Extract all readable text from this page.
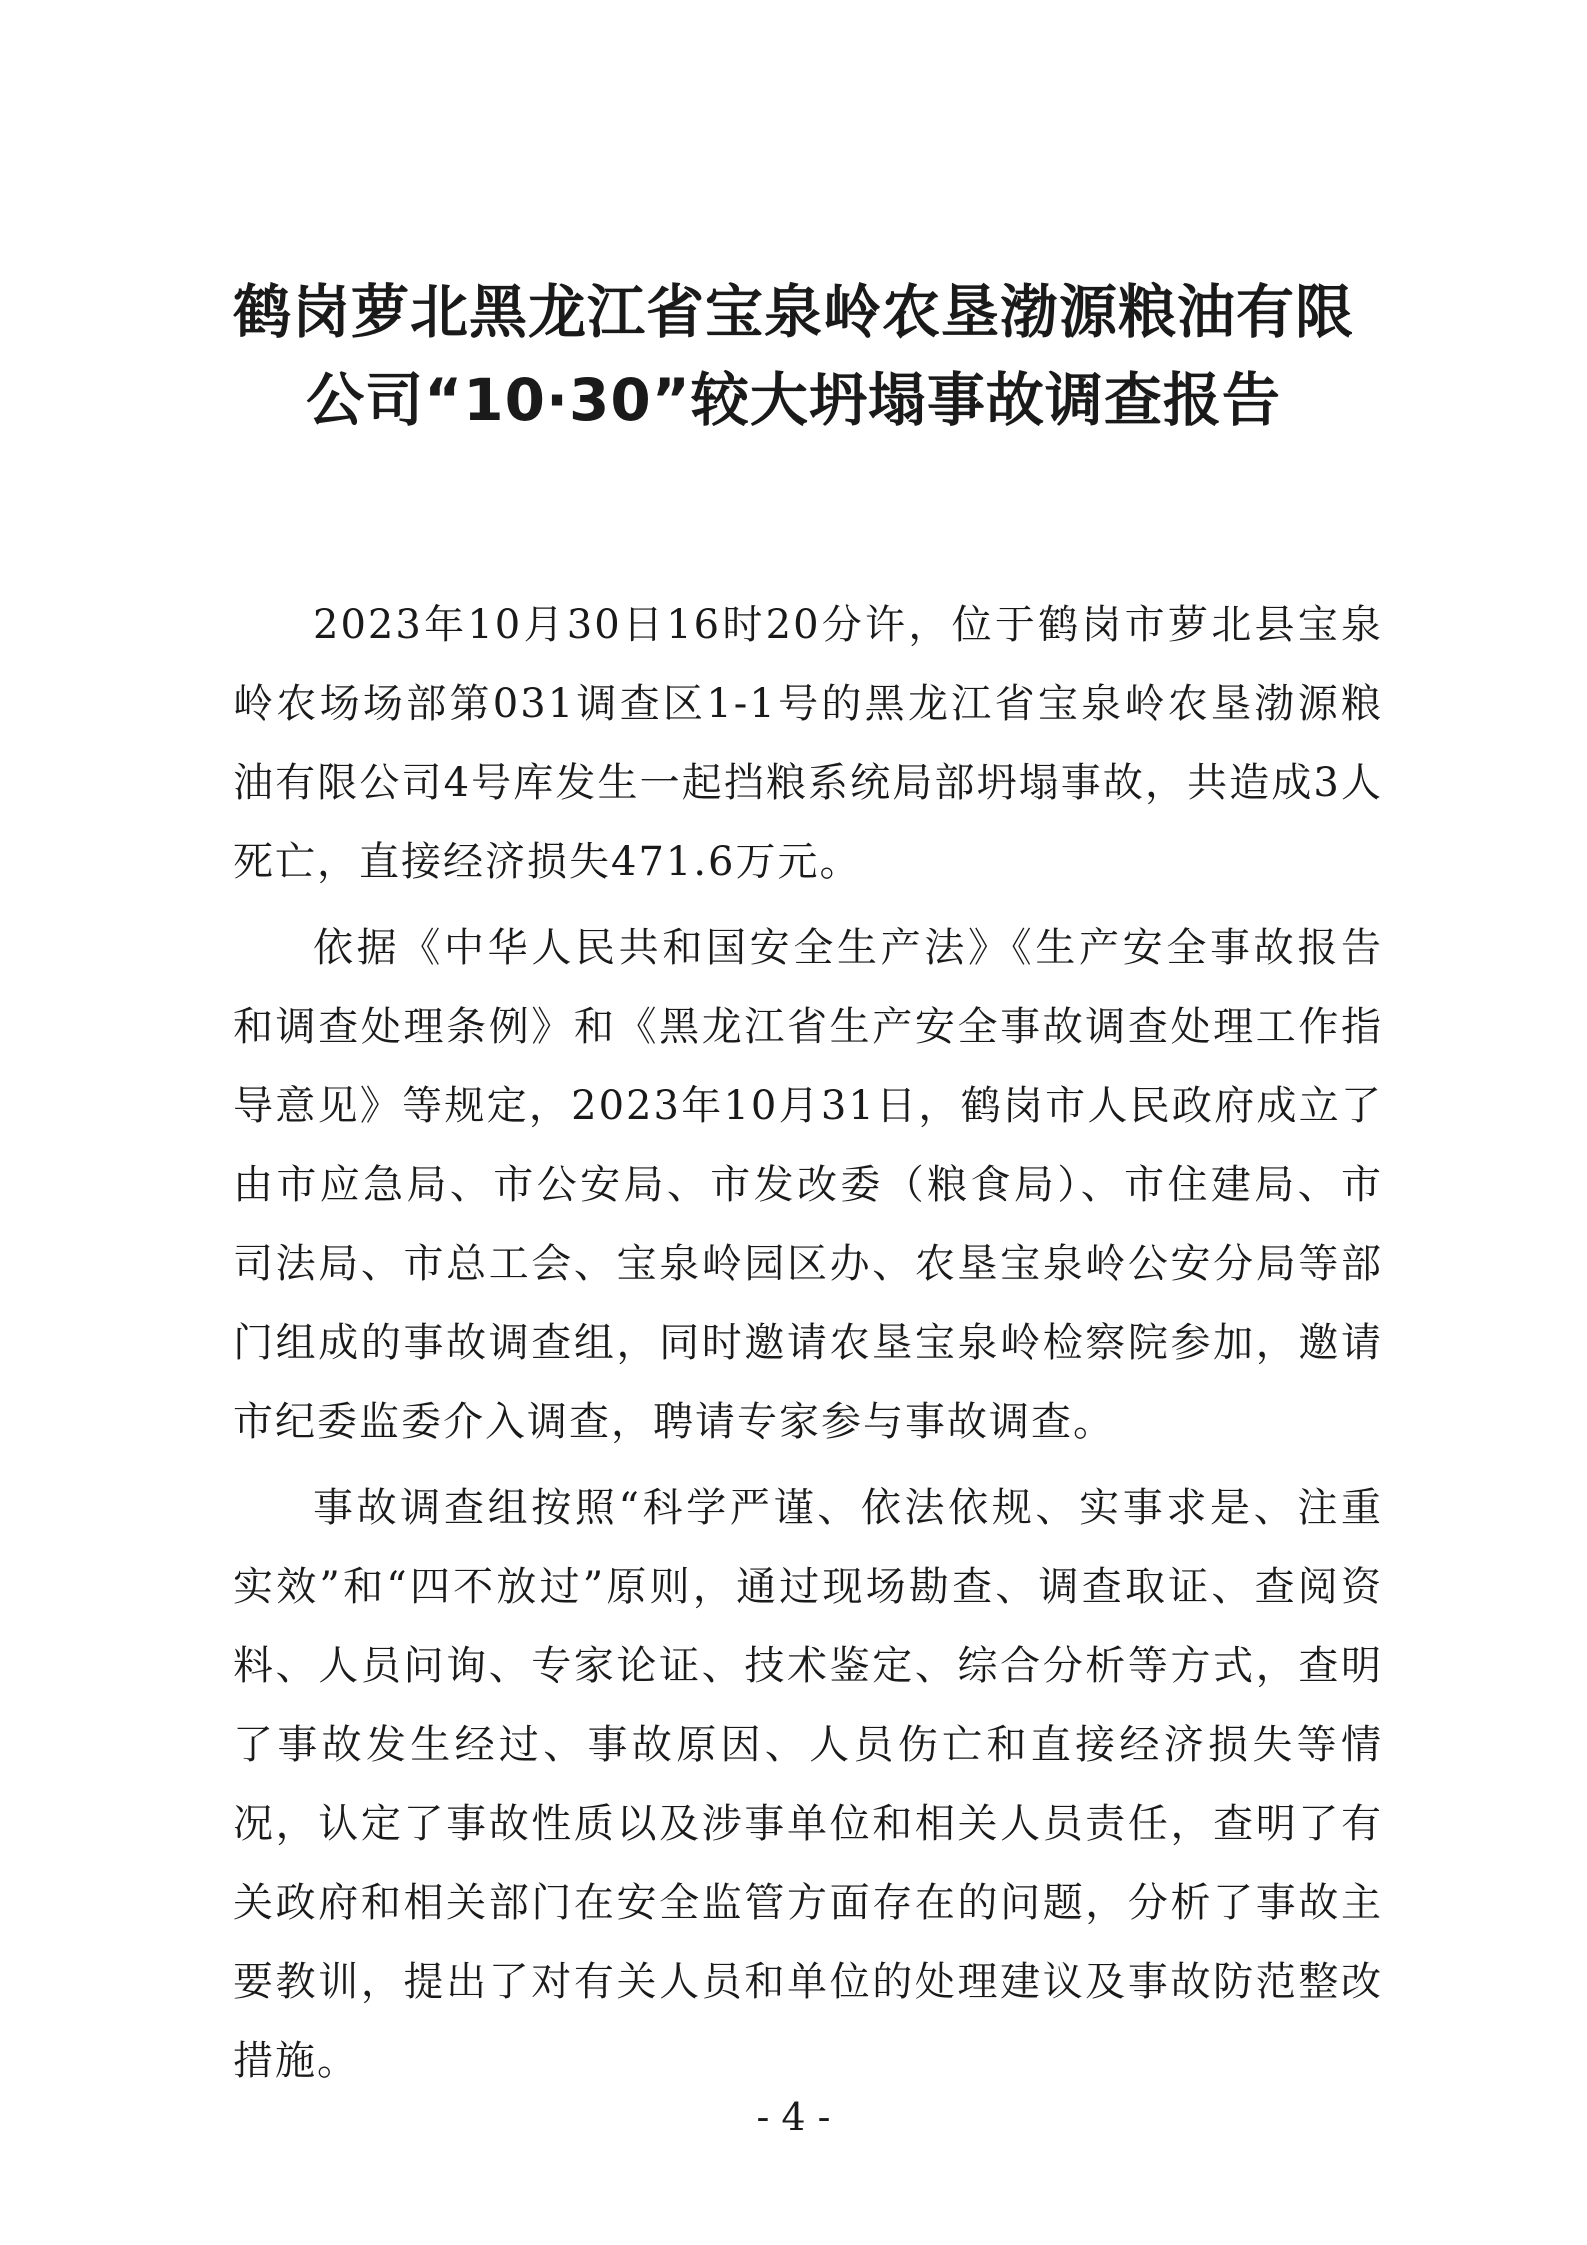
鹤岗萝北黑龙江省宝泉岭农垦渤源粮油有限
公司“10·30”较大坍塌事故调查报告

2023年10月30日16时20分许，位于鹤岗市萝北县宝泉岭农场场部第031调查区1-1号的黑龙江省宝泉岭农垦渤源粮油有限公司4号库发生一起挡粮系统局部坍塌事故，共造成3人死亡，直接经济损失471.6万元。

依据《中华人民共和国安全生产法》《生产安全事故报告和调查处理条例》和《黑龙江省生产安全事故调查处理工作指导意见》等规定，2023年10月31日，鹤岗市人民政府成立了由市应急局、市公安局、市发改委（粮食局）、市住建局、市司法局、市总工会、宝泉岭园区办、农垦宝泉岭公安分局等部门组成的事故调查组，同时邀请农垦宝泉岭检察院参加，邀请市纪委监委介入调查，聘请专家参与事故调查。

事故调查组按照“科学严谨、依法依规、实事求是、注重实效”和“四不放过”原则，通过现场勘查、调查取证、查阅资料、人员问询、专家论证、技术鉴定、综合分析等方式，查明了事故发生经过、事故原因、人员伤亡和直接经济损失等情况，认定了事故性质以及涉事单位和相关人员责任，查明了有关政府和相关部门在安全监管方面存在的问题，分析了事故主要教训，提出了对有关人员和单位的处理建议及事故防范整改措施。

- 4 -
